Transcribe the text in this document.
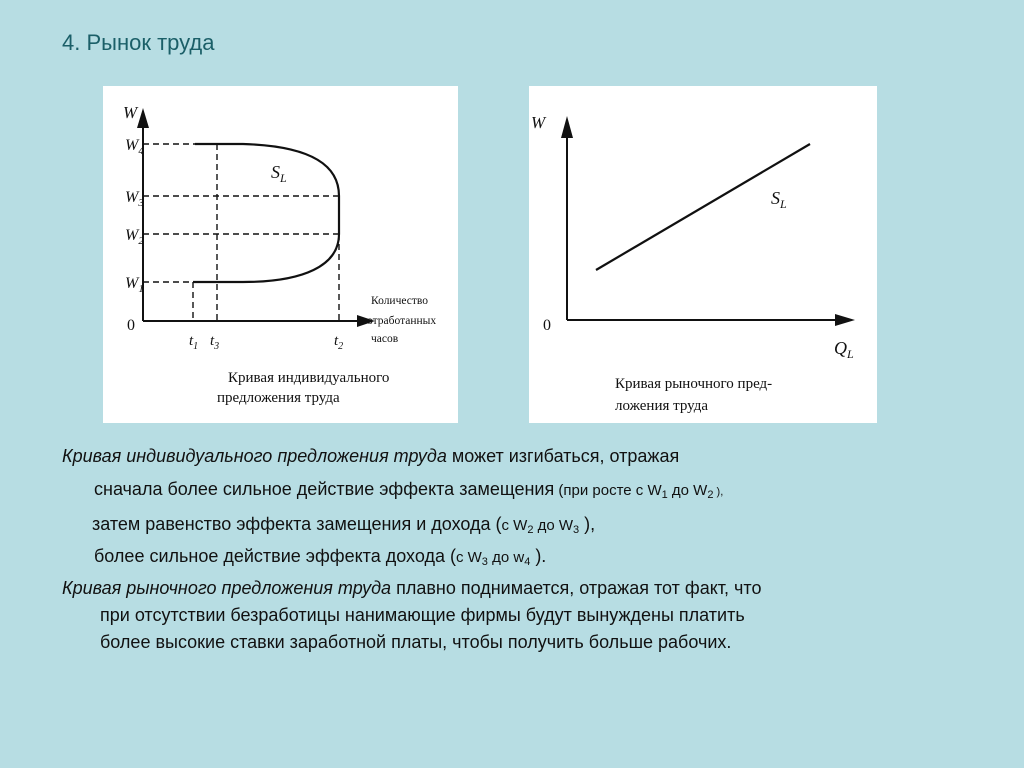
4. Рынок труда
W
$W_4$
$W_3$
$W_2$
$W_1$
$S_L$
$t_1$ $t_3$	$t_2$
0
Количество
отработанных
часов
Кривая индивидуального
предложения труда
W
$S_L$
$Q_L$
0
Кривая рыночного пред-
ложения труда
Кривая индивидуального предложения труда может изгибаться, отражая
сначала более сильное действие эффекта замещения (при росте с $W_1$ до $W_2$ ),
затем равенство эффекта замещения и дохода (с $W_2$ до $W_3$ ),
более сильное действие эффекта дохода (с $W_3$ до $w_4$ ).
Кривая рыночного предложения труда плавно поднимается, отражая тот факт, что
при отсутствии безработицы нанимающие фирмы будут вынуждены платить
более высокие ставки заработной платы, чтобы получить больше рабочих.
